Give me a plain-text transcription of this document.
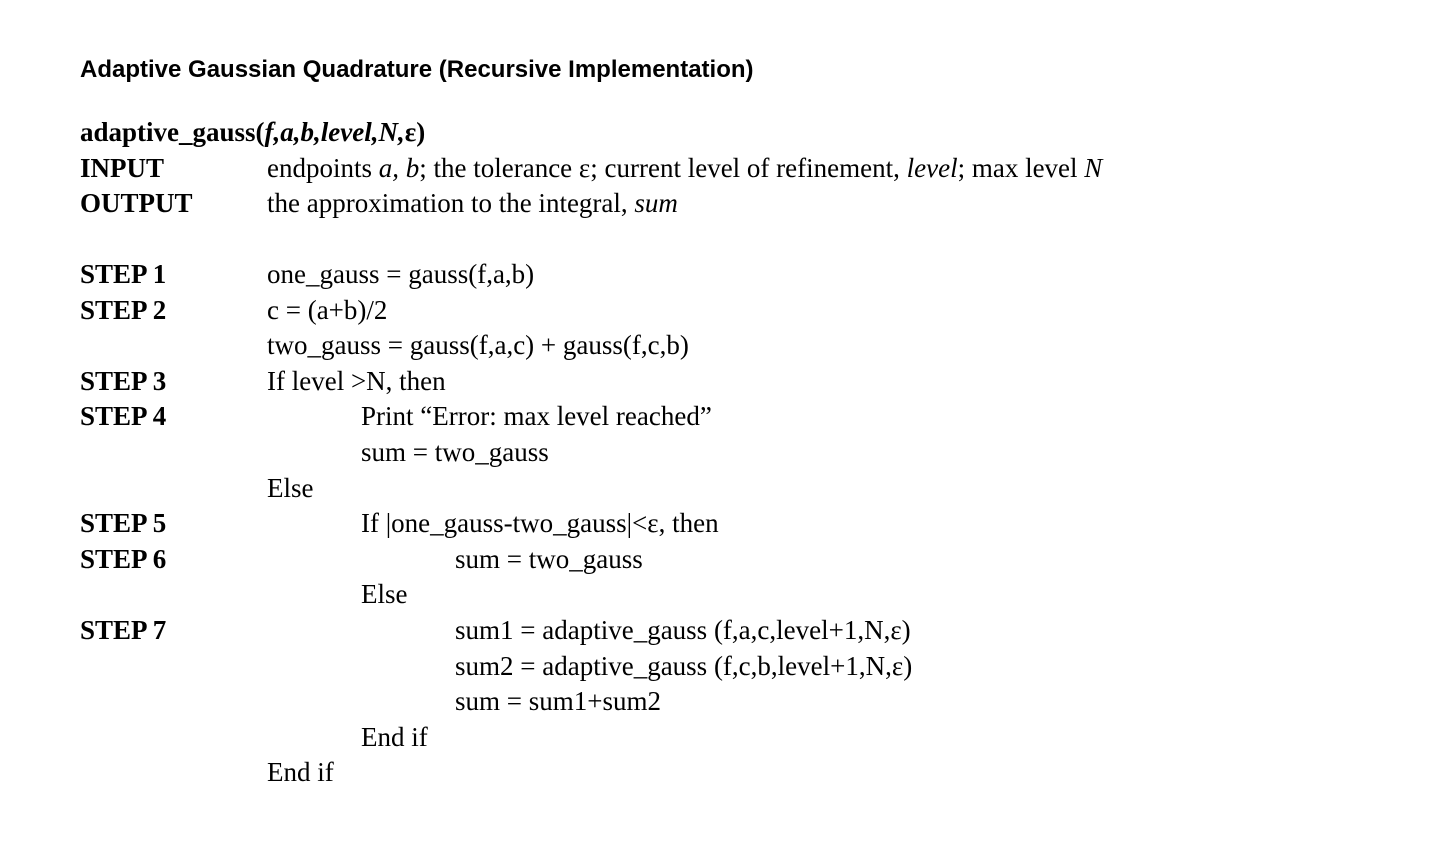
Adaptive Gaussian Quadrature (Recursive Implementation)
adaptive_gauss(f,a,b,level,N,ε)
INPUT	endpoints a, b; the tolerance ε; current level of refinement, level; max level N
OUTPUT	the approximation to the integral, sum
STEP 1	one_gauss = gauss(f,a,b)
STEP 2	c = (a+b)/2
two_gauss = gauss(f,a,c) + gauss(f,c,b)
STEP 3	If level >N, then
STEP 4	Print “Error: max level reached”
sum = two_gauss
Else
STEP 5	If |one_gauss-two_gauss|<ε, then
STEP 6	sum = two_gauss
Else
STEP 7	sum1 = adaptive_gauss (f,a,c,level+1,N,ε)
sum2 = adaptive_gauss (f,c,b,level+1,N,ε)
sum = sum1+sum2
End if
End if
